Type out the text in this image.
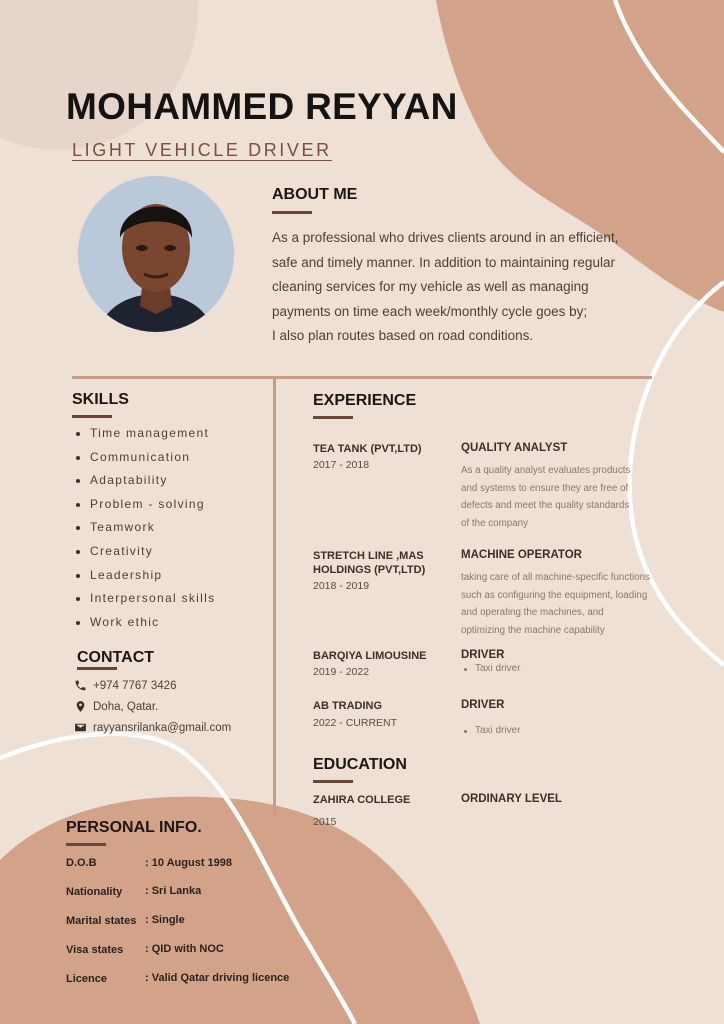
MOHAMMED REYYAN
LIGHT VEHICLE DRIVER
ABOUT ME
As a professional who drives clients around in an efficient,
safe and timely manner. In addition to maintaining regular
cleaning services for my vehicle as well as managing
payments on time each week/monthly cycle goes by;
I also plan routes based on road conditions.
SKILLS
Time management
Communication
Adaptability
Problem - solving
Teamwork
Creativity
Leadership
Interpersonal skills
Work ethic
CONTACT
+974 7767 3426
Doha, Qatar.
rayyansrilanka@gmail.com
PERSONAL INFO.
D.O.B	: 10 August 1998
Nationality : Sri Lanka
Marital states : Single
Visa states : QID with NOC
Licence	: Valid Qatar driving licence
EXPERIENCE
TEA TANK (PVT,LTD)
2017 - 2018
QUALITY ANALYST
As a quality analyst evaluates products
and systems to ensure they are free of
defects and meet the quality standards
of the company
STRETCH LINE ,MAS HOLDINGS (PVT,LTD)
2018 - 2019
MACHINE OPERATOR
taking care of all machine-specific functions
such as configuring the equipment, loading
and operating the machines, and
optimizing the machine capability
BARQIYA LIMOUSINE
2019 - 2022
DRIVER
Taxi driver
AB TRADING
2022 - CURRENT
DRIVER
Taxi driver
EDUCATION
ZAHIRA COLLEGE
2015
ORDINARY LEVEL
